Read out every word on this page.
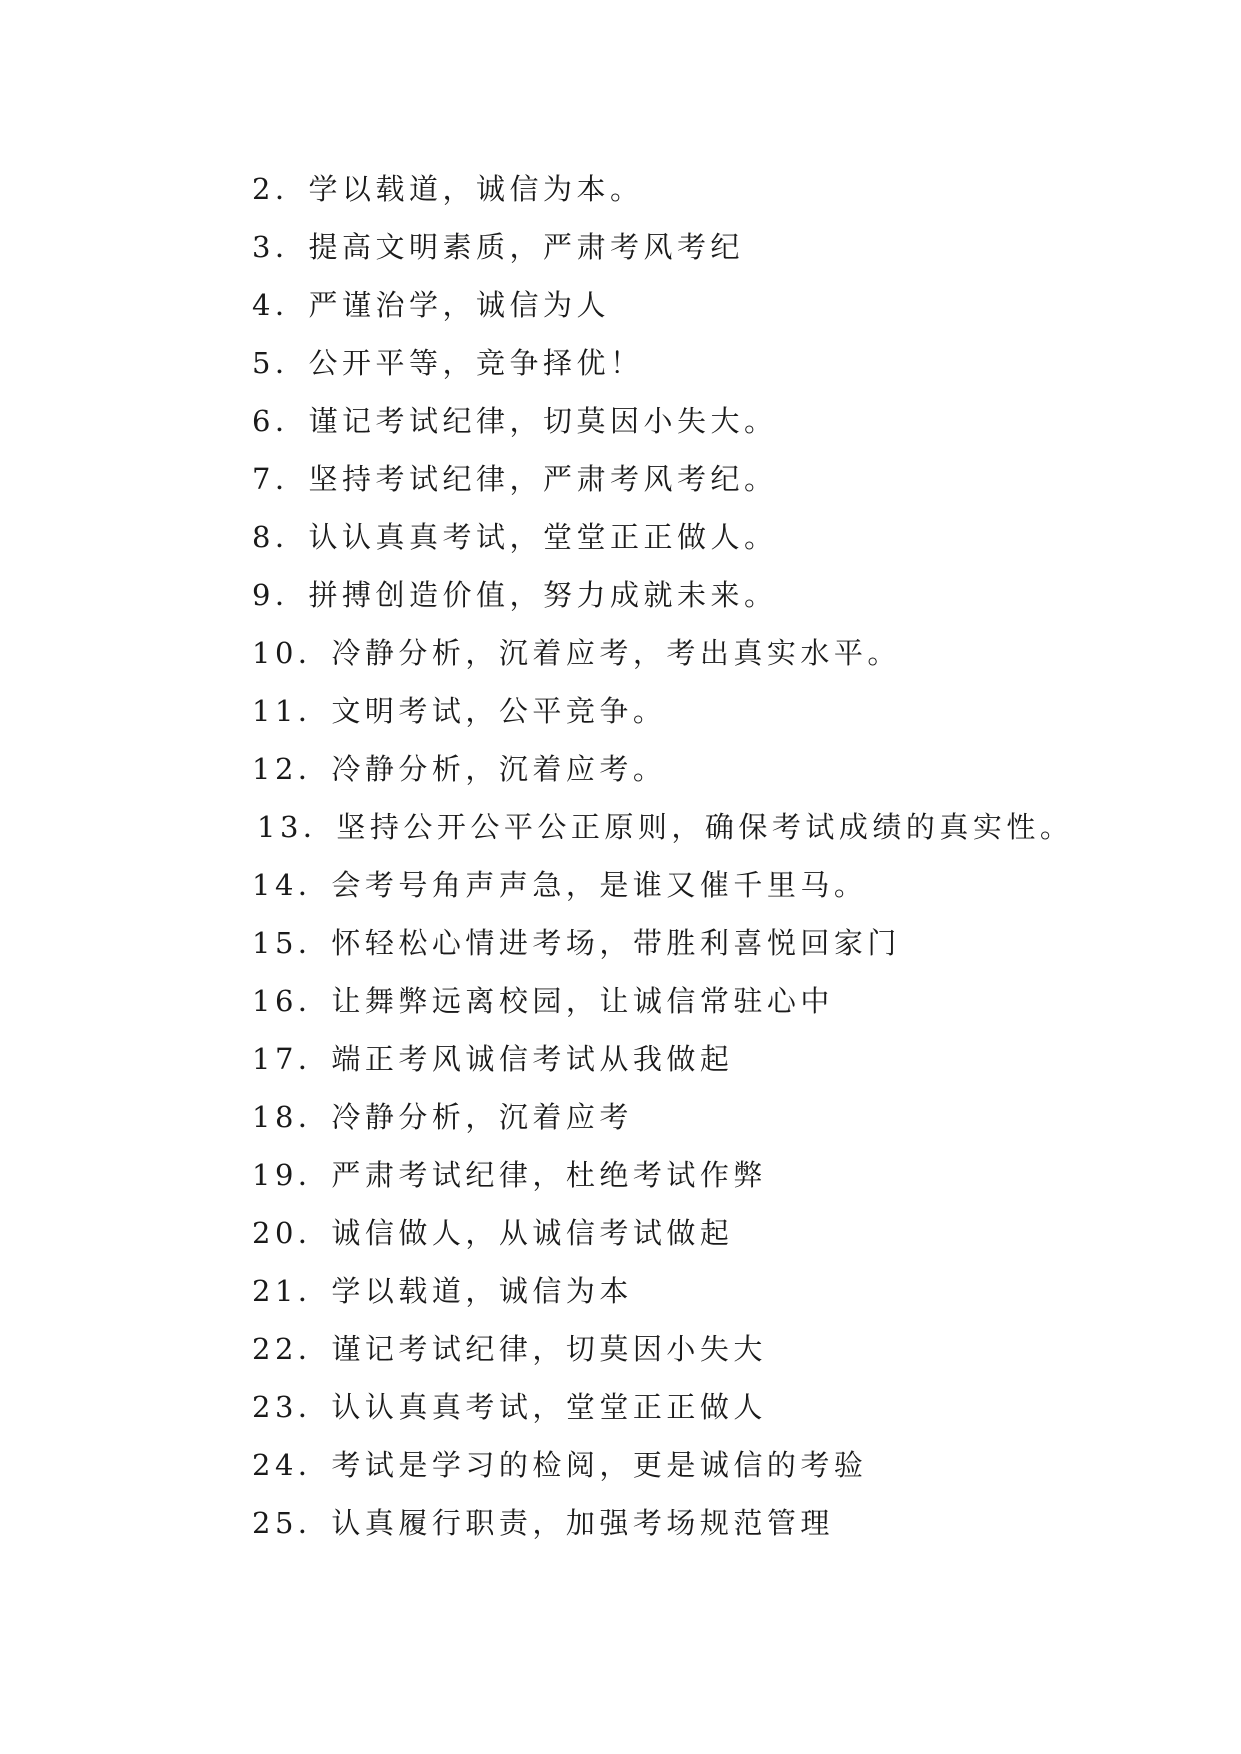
2．学以载道，诚信为本。
3．提高文明素质，严肃考风考纪
4．严谨治学，诚信为人
5．公开平等，竞争择优！
6．谨记考试纪律，切莫因小失大。
7．坚持考试纪律，严肃考风考纪。
8．认认真真考试，堂堂正正做人。
9．拼搏创造价值，努力成就未来。
10．冷静分析，沉着应考，考出真实水平。
11．文明考试，公平竞争。
12．冷静分析，沉着应考。
13．坚持公开公平公正原则，确保考试成绩的真实性。
14．会考号角声声急，是谁又催千里马。
15．怀轻松心情进考场，带胜利喜悦回家门
16．让舞弊远离校园，让诚信常驻心中
17．端正考风诚信考试从我做起
18．冷静分析，沉着应考
19．严肃考试纪律，杜绝考试作弊
20．诚信做人，从诚信考试做起
21．学以载道，诚信为本
22．谨记考试纪律，切莫因小失大
23．认认真真考试，堂堂正正做人
24．考试是学习的检阅，更是诚信的考验
25．认真履行职责，加强考场规范管理
